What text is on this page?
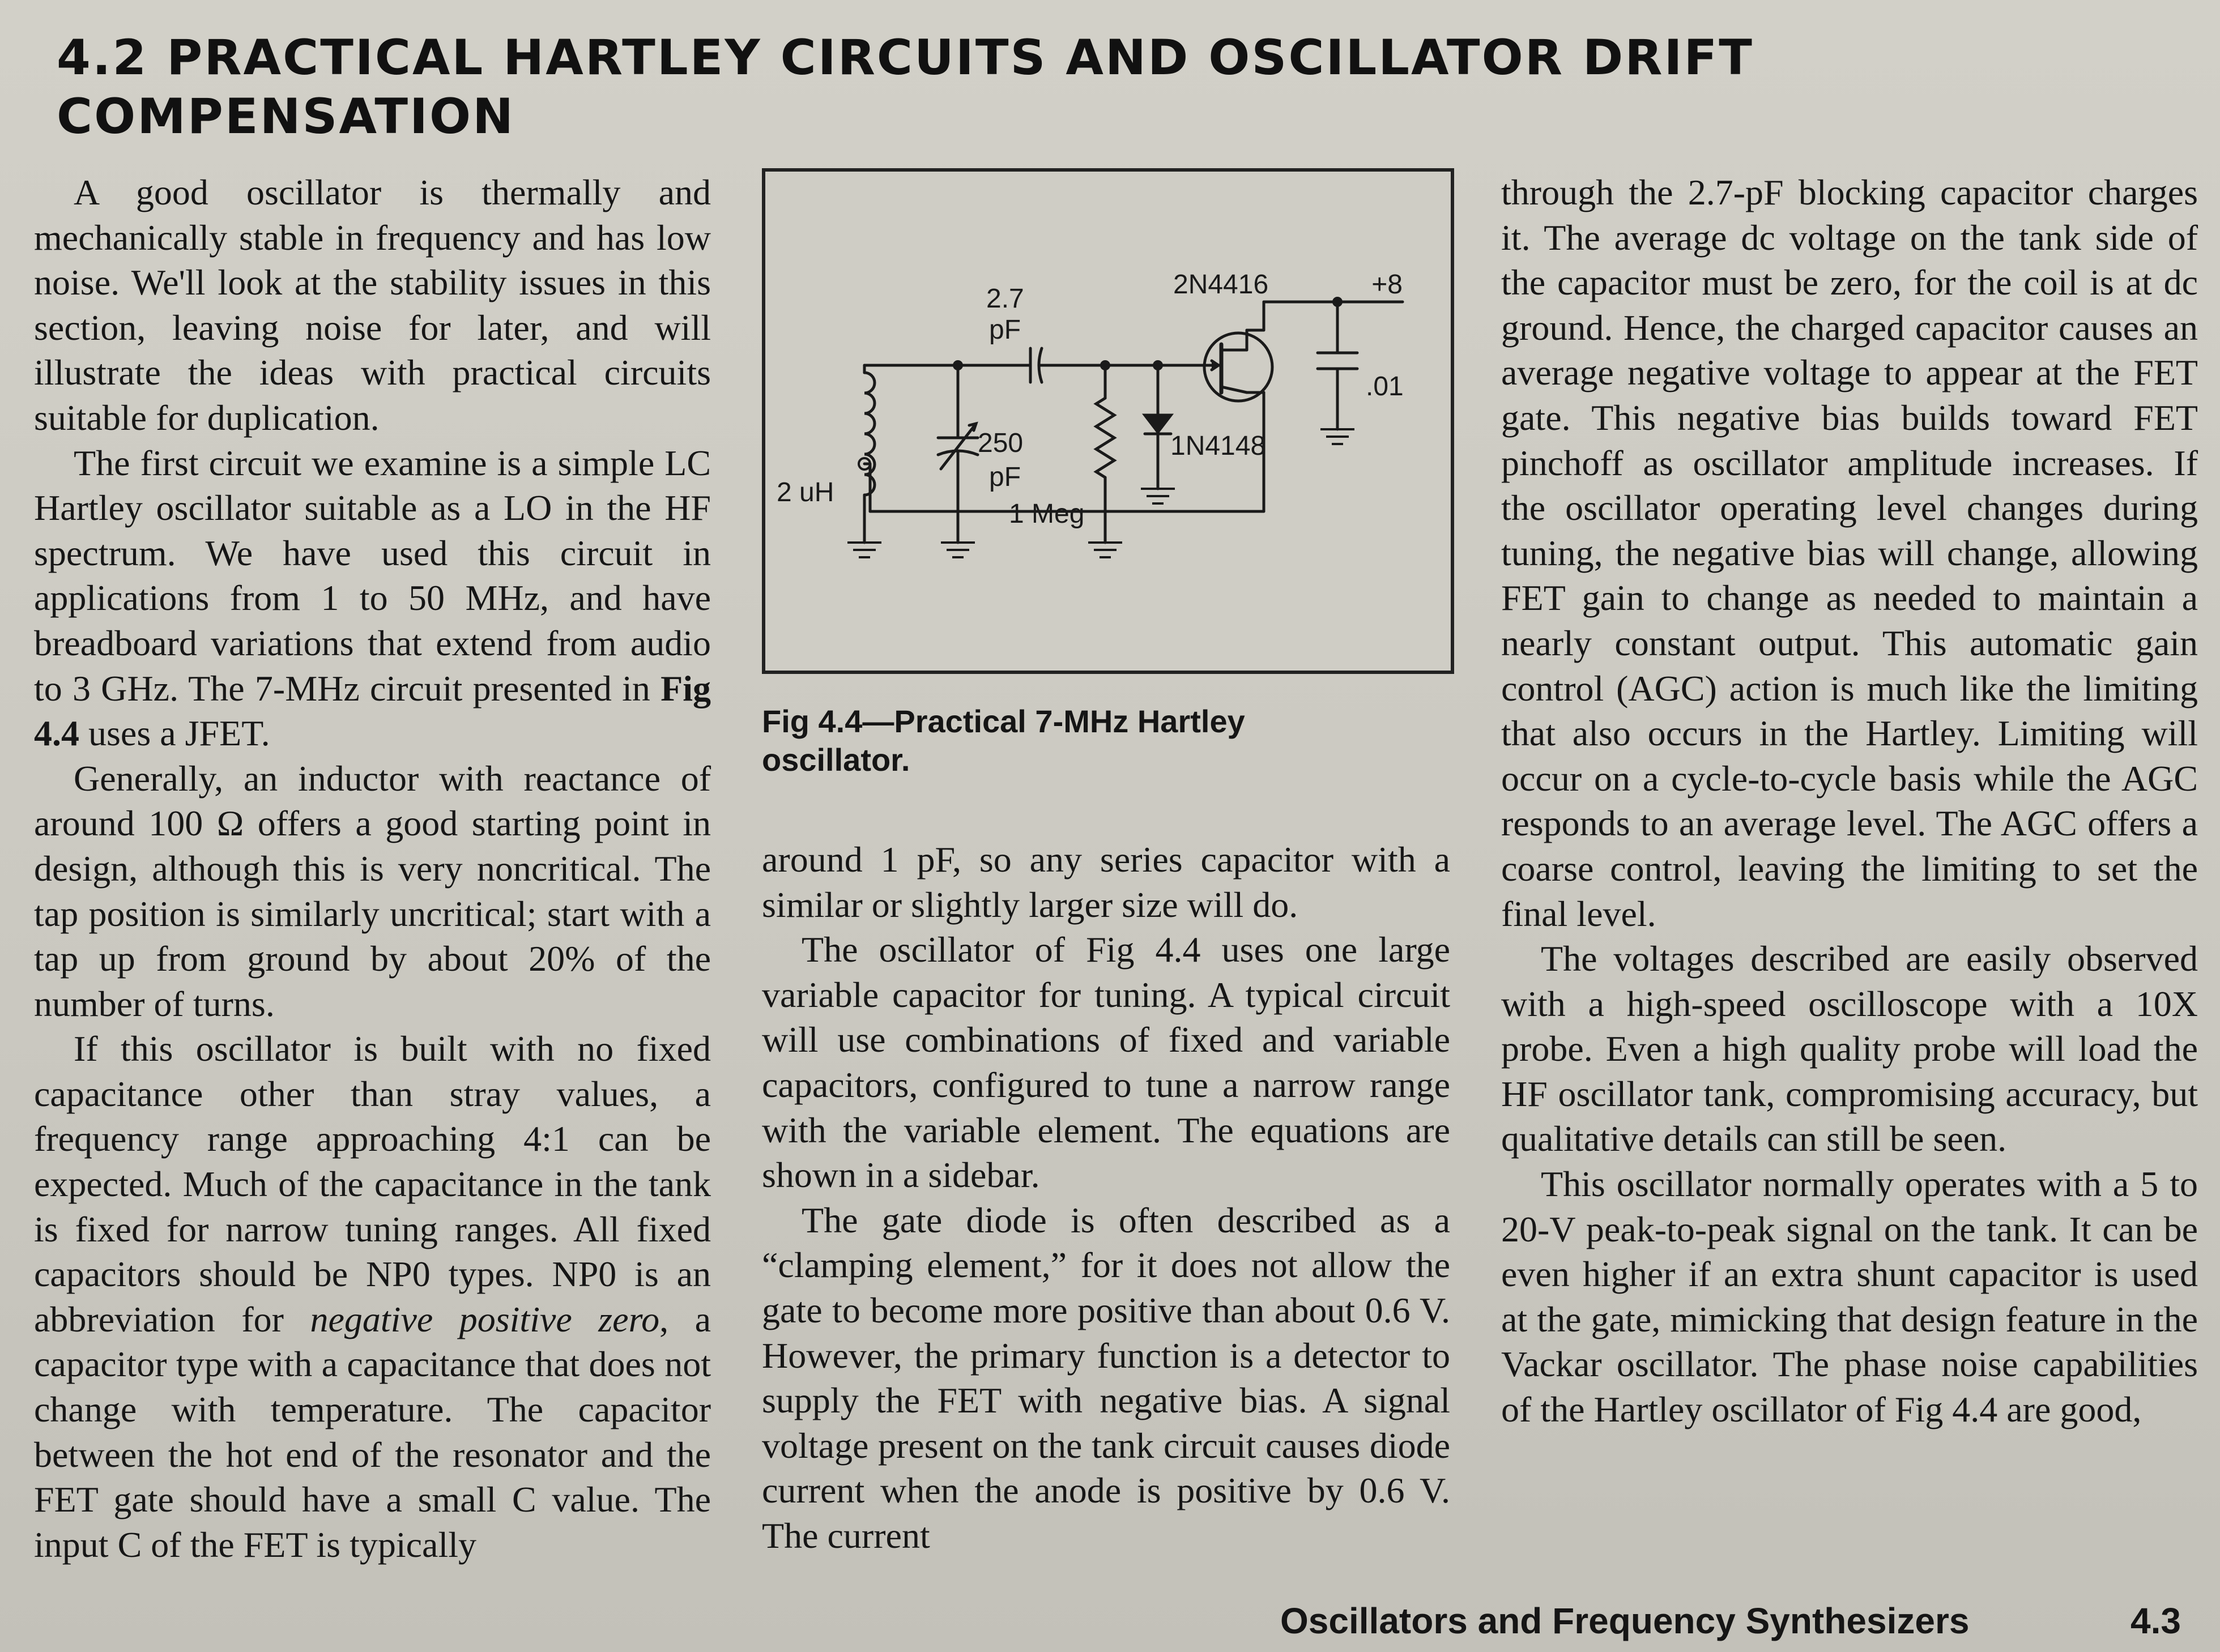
4.2 PRACTICAL HARTLEY CIRCUITS AND OSCILLATOR DRIFT
COMPENSATION

A good oscillator is thermally and mechanically stable in frequency and has low noise. We'll look at the stability issues in this section, leaving noise for later, and will illustrate the ideas with practical circuits suitable for duplication.

The first circuit we examine is a simple LC Hartley oscillator suitable as a LO in the HF spectrum. We have used this circuit in applications from 1 to 50 MHz, and have breadboard variations that extend from audio to 3 GHz. The 7-MHz circuit presented in Fig 4.4 uses a JFET.

Generally, an inductor with reactance of around 100 Ω offers a good starting point in design, although this is very noncritical. The tap position is similarly uncritical; start with a tap up from ground by about 20% of the number of turns.

If this oscillator is built with no fixed capacitance other than stray values, a frequency range approaching 4:1 can be expected. Much of the capacitance in the tank is fixed for narrow tuning ranges. All fixed capacitors should be NP0 types. NP0 is an abbreviation for negative positive zero, a capacitor type with a capacitance that does not change with temperature. The capacitor between the hot end of the resonator and the FET gate should have a small C value. The input C of the FET is typically

2.7
pF
2N4416	+8
.01
250
pF
1N4148
1 Meg
2 uH
Fig 4.4—Practical 7-MHz Hartley
oscillator.

around 1 pF, so any series capacitor with a similar or slightly larger size will do.

The oscillator of Fig 4.4 uses one large variable capacitor for tuning. A typical circuit will use combinations of fixed and variable capacitors, configured to tune a narrow range with the variable element. The equations are shown in a sidebar.

The gate diode is often described as a “clamping element,” for it does not allow the gate to become more positive than about 0.6 V. However, the primary function is a detector to supply the FET with negative bias. A signal voltage present on the tank circuit causes diode current when the anode is positive by 0.6 V. The current

through the 2.7-pF blocking capacitor charges it. The average dc voltage on the tank side of the capacitor must be zero, for the coil is at dc ground. Hence, the charged capacitor causes an average negative voltage to appear at the FET gate. This negative bias builds toward FET pinchoff as oscillator amplitude increases. If the oscillator operating level changes during tuning, the negative bias will change, allowing FET gain to change as needed to maintain a nearly constant output. This automatic gain control (AGC) action is much like the limiting that also occurs in the Hartley. Limiting will occur on a cycle-to-cycle basis while the AGC responds to an average level. The AGC offers a coarse control, leaving the limiting to set the final level.

The voltages described are easily observed with a high-speed oscilloscope with a 10X probe. Even a high quality probe will load the HF oscillator tank, compromising accuracy, but qualitative details can still be seen.

This oscillator normally operates with a 5 to 20-V peak-to-peak signal on the tank. It can be even higher if an extra shunt capacitor is used at the gate, mimicking that design feature in the Vackar oscillator. The phase noise capabilities of the Hartley oscillator of Fig 4.4 are good,

Oscillators and Frequency Synthesizers	4.3
